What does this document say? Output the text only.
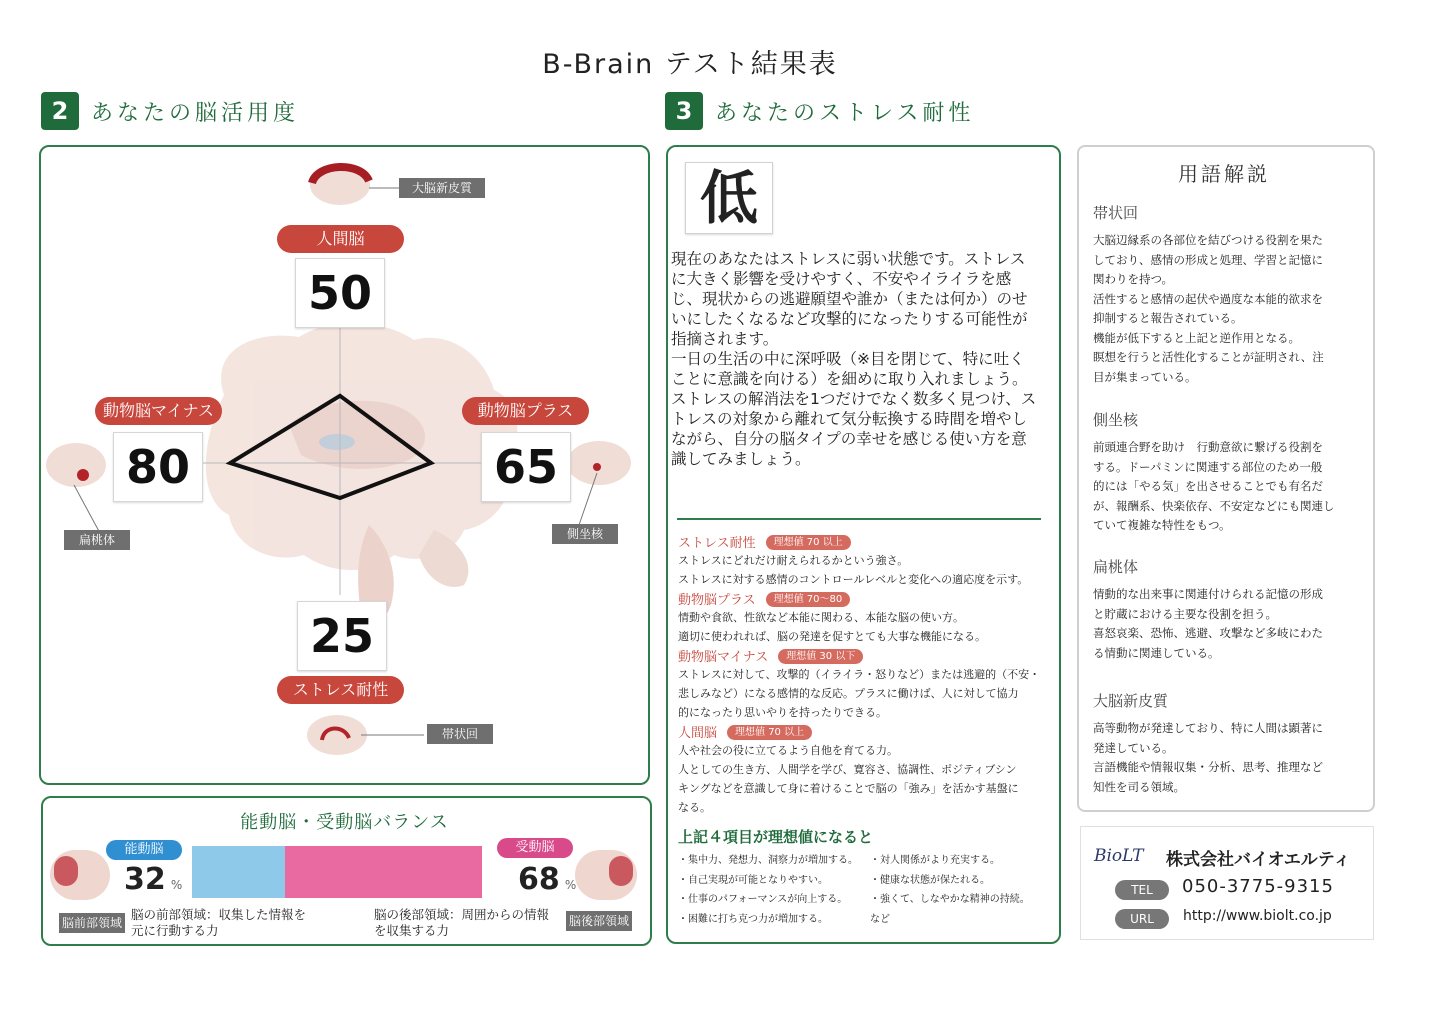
B-Brain テスト結果表
2	あなたの脳活用度	3	あなたのストレス耐性
人間脳
50
動物脳マイナス
80
動物脳プラス
65
25
ストレス耐性
大脳新皮質
扁桃体	側坐核
帯状回
能動脳・受動脳バランス
能動脳
32 %
受動脳
68 %
脳前部領域
脳の前部領域：収集した情報を
元に行動する力
脳の後部領域：周囲からの情報
を収集する力
脳後部領域
低
現在のあなたはストレスに弱い状態です。ストレスに大きく影響を受けやすく、不安やイライラを感じ、現状からの逃避願望や誰か（または何か）のせいにしたくなるなど攻撃的になったりする可能性が指摘されます。
一日の生活の中に深呼吸（※目を閉じて、特に吐くことに意識を向ける）を細めに取り入れましょう。
ストレスの解消法を1つだけでなく数多く見つけ、ストレスの対象から離れて気分転換する時間を増やしながら、自分の脳タイプの幸せを感じる使い方を意識してみましょう。
ストレス耐性 理想値 70 以上
ストレスにどれだけ耐えられるかという強さ。
ストレスに対する感情のコントロールレベルと変化への適応度を示す。
動物脳プラス 理想値 70〜80
情動や食欲、性欲など本能に関わる、本能な脳の使い方。
適切に使われれば、脳の発達を促すとても大事な機能になる。
動物脳マイナス 理想値 30 以下
ストレスに対して、攻撃的（イライラ・怒りなど）または逃避的（不安・
悲しみなど）になる感情的な反応。プラスに働けば、人に対して協力
的になったり思いやりを持ったりできる。
人間脳 理想値 70 以上
人や社会の役に立てるよう自他を育てる力。
人としての生き方、人間学を学び、寛容さ、協調性、ポジティブシン
キングなどを意識して身に着けることで脳の「強み」を活かす基盤に
なる。
上記４項目が理想値になると
・集中力、発想力、洞察力が増加する。
・自己実現が可能となりやすい。
・仕事のパフォーマンスが向上する。
・困難に打ち克つ力が増加する。
・対人関係がより充実する。
・健康な状態が保たれる。
・強くて、しなやかな精神の持続。
など
用語解説
帯状回
大脳辺縁系の各部位を結びつける役割を果た
しており、感情の形成と処理、学習と記憶に
関わりを持つ。
活性すると感情の起伏や過度な本能的欲求を
抑制すると報告されている。
機能が低下すると上記と逆作用となる。
瞑想を行うと活性化することが証明され、注
目が集まっている。
側坐核
前頭連合野を助け　行動意欲に繋げる役割を
する。ドーパミンに関連する部位のため一般
的には「やる気」を出させることでも有名だ
が、報酬系、快楽依存、不安定などにも関連し
ていて複雑な特性をもつ。
扁桃体
情動的な出来事に関連付けられる記憶の形成
と貯蔵における主要な役割を担う。
喜怒哀楽、恐怖、逃避、攻撃など多岐にわた
る情動に関連している。
大脳新皮質
高等動物が発達しており、特に人間は顕著に
発達している。
言語機能や情報収集・分析、思考、推理など
知性を司る領域。
BioLT 株式会社バイオエルティ
TEL	050-3775-9315
URL	http://www.biolt.co.jp
